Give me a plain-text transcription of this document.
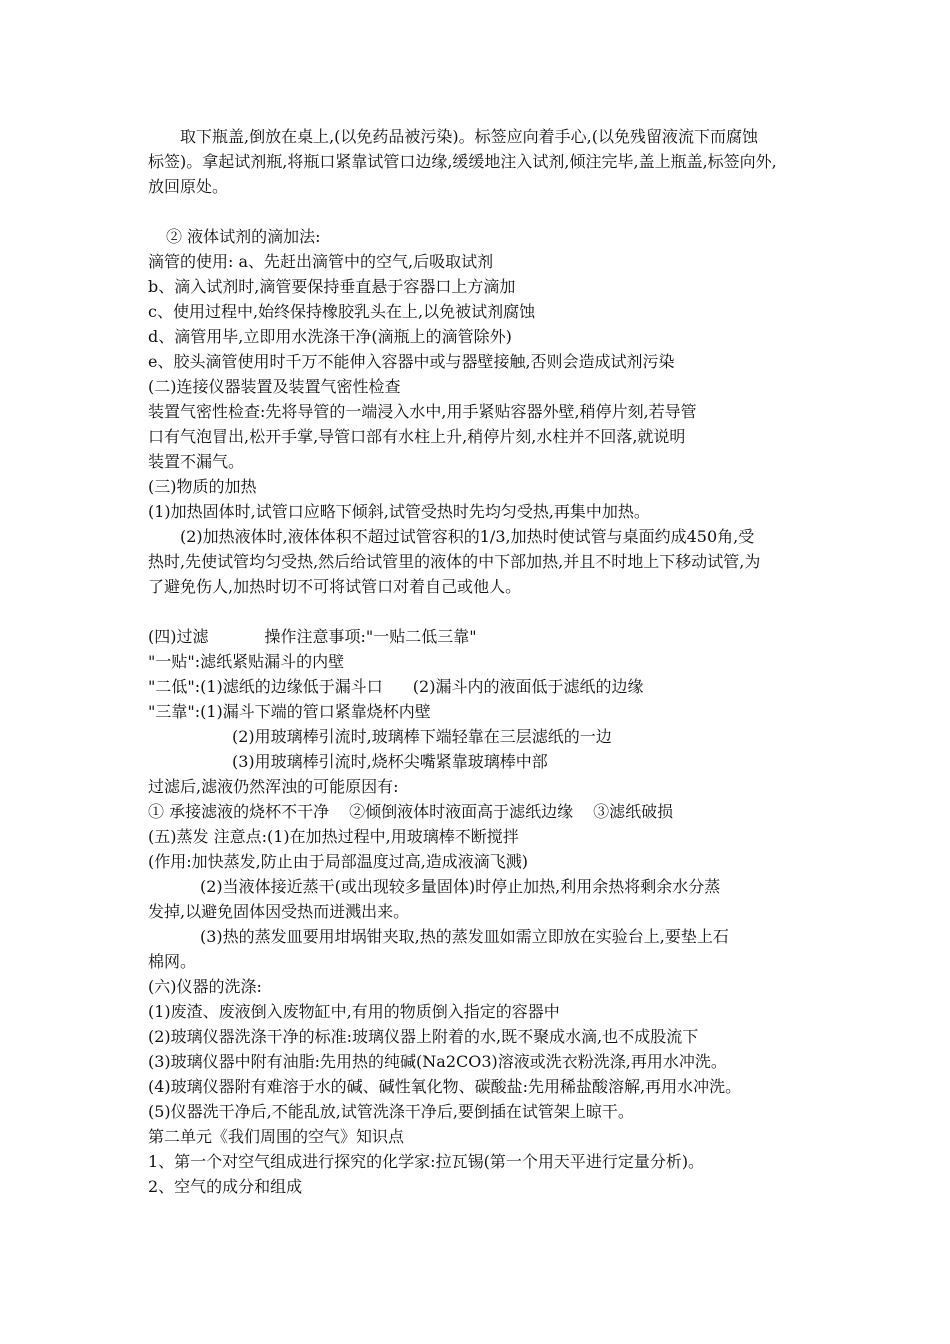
取下瓶盖,倒放在桌上,(以免药品被污染)。标签应向着手心,(以免残留液流下而腐蚀
标签)。拿起试剂瓶,将瓶口紧靠试管口边缘,缓缓地注入试剂,倾注完毕,盖上瓶盖,标签向外,
放回原处。
② 液体试剂的滴加法:
滴管的使用: a、先赶出滴管中的空气,后吸取试剂
b、滴入试剂时,滴管要保持垂直悬于容器口上方滴加
c、使用过程中,始终保持橡胶乳头在上,以免被试剂腐蚀
d、滴管用毕,立即用水洗涤干净(滴瓶上的滴管除外)
e、胶头滴管使用时千万不能伸入容器中或与器壁接触,否则会造成试剂污染
(二)连接仪器装置及装置气密性检查
装置气密性检查:先将导管的一端浸入水中,用手紧贴容器外壁,稍停片刻,若导管
口有气泡冒出,松开手掌,导管口部有水柱上升,稍停片刻,水柱并不回落,就说明
装置不漏气。
(三)物质的加热
(1)加热固体时,试管口应略下倾斜,试管受热时先均匀受热,再集中加热。
(2)加热液体时,液体体积不超过试管容积的1/3,加热时使试管与桌面约成450角,受
热时,先使试管均匀受热,然后给试管里的液体的中下部加热,并且不时地上下移动试管,为
了避免伤人,加热时切不可将试管口对着自己或他人。
(四)过滤	操作注意事项:"一贴二低三靠"
"一贴":滤纸紧贴漏斗的内壁
"二低":(1)滤纸的边缘低于漏斗口 (2)漏斗内的液面低于滤纸的边缘
"三靠":(1)漏斗下端的管口紧靠烧杯内壁
(2)用玻璃棒引流时,玻璃棒下端轻靠在三层滤纸的一边
(3)用玻璃棒引流时,烧杯尖嘴紧靠玻璃棒中部
过滤后,滤液仍然浑浊的可能原因有:
① 承接滤液的烧杯不干净 ②倾倒液体时液面高于滤纸边缘 ③滤纸破损
(五)蒸发 注意点:(1)在加热过程中,用玻璃棒不断搅拌
(作用:加快蒸发,防止由于局部温度过高,造成液滴飞溅)
(2)当液体接近蒸干(或出现较多量固体)时停止加热,利用余热将剩余水分蒸
发掉,以避免固体因受热而迸溅出来。
(3)热的蒸发皿要用坩埚钳夹取,热的蒸发皿如需立即放在实验台上,要垫上石
棉网。
(六)仪器的洗涤:
(1)废渣、废液倒入废物缸中,有用的物质倒入指定的容器中
(2)玻璃仪器洗涤干净的标准:玻璃仪器上附着的水,既不聚成水滴,也不成股流下
(3)玻璃仪器中附有油脂:先用热的纯碱(Na2CO3)溶液或洗衣粉洗涤,再用水冲洗。
(4)玻璃仪器附有难溶于水的碱、碱性氧化物、碳酸盐:先用稀盐酸溶解,再用水冲洗。
(5)仪器洗干净后,不能乱放,试管洗涤干净后,要倒插在试管架上晾干。
第二单元《我们周围的空气》知识点
1、第一个对空气组成进行探究的化学家:拉瓦锡(第一个用天平进行定量分析)。
2、空气的成分和组成
